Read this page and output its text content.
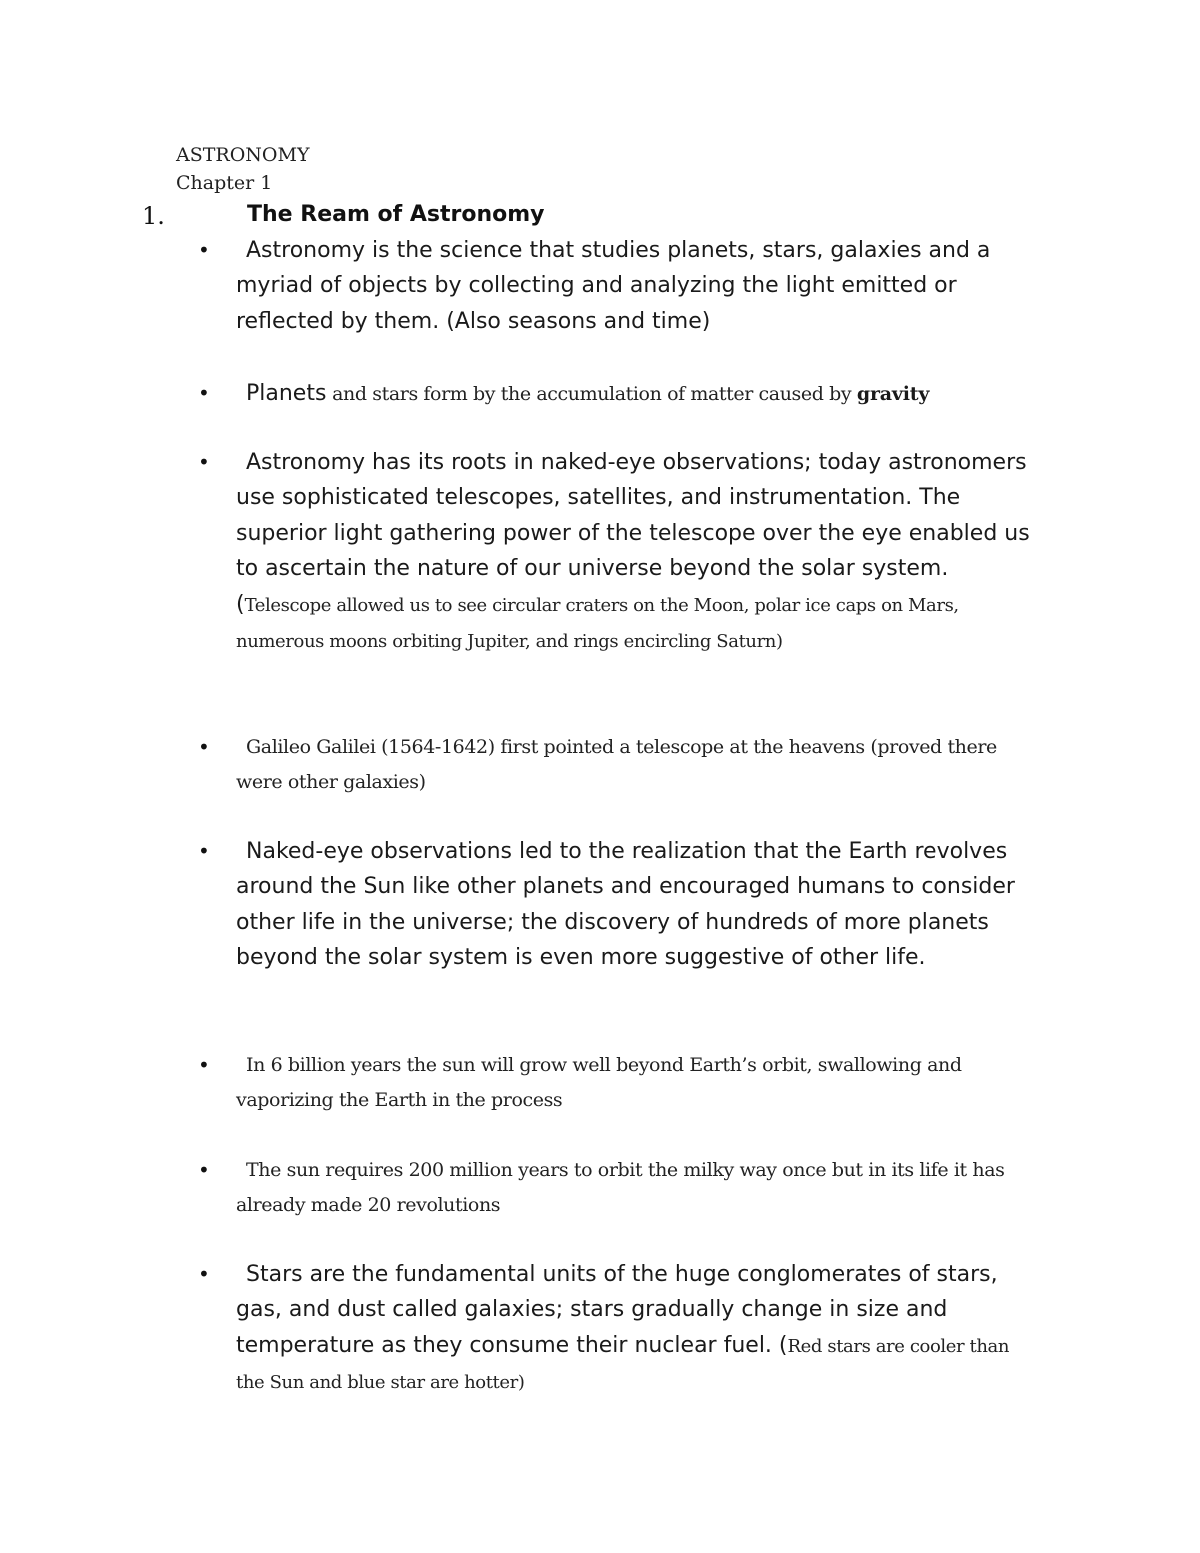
ASTRONOMY
Chapter 1
1.	The Ream of Astronomy
•	Astronomy is the science that studies planets, stars, galaxies and a myriad of objects by collecting and analyzing the light emitted or reflected by them. (Also seasons and time)

•	Planets and stars form by the accumulation of matter caused by gravity

•	Astronomy has its roots in naked-eye observations; today astronomers use sophisticated telescopes, satellites, and instrumentation. The superior light gathering power of the telescope over the eye enabled us to ascertain the nature of our universe beyond the solar system. (Telescope allowed us to see circular craters on the Moon, polar ice caps on Mars, numerous moons orbiting Jupiter, and rings encircling Saturn)

•	Galileo Galilei (1564-1642) first pointed a telescope at the heavens (proved there were other galaxies)

•	Naked-eye observations led to the realization that the Earth revolves around the Sun like other planets and encouraged humans to consider other life in the universe; the discovery of hundreds of more planets beyond the solar system is even more suggestive of other life.

•	In 6 billion years the sun will grow well beyond Earth’s orbit, swallowing and vaporizing the Earth in the process

•	The sun requires 200 million years to orbit the milky way once but in its life it has already made 20 revolutions

•	Stars are the fundamental units of the huge conglomerates of stars, gas, and dust called galaxies; stars gradually change in size and temperature as they consume their nuclear fuel. (Red stars are cooler than the Sun and blue star are hotter)
